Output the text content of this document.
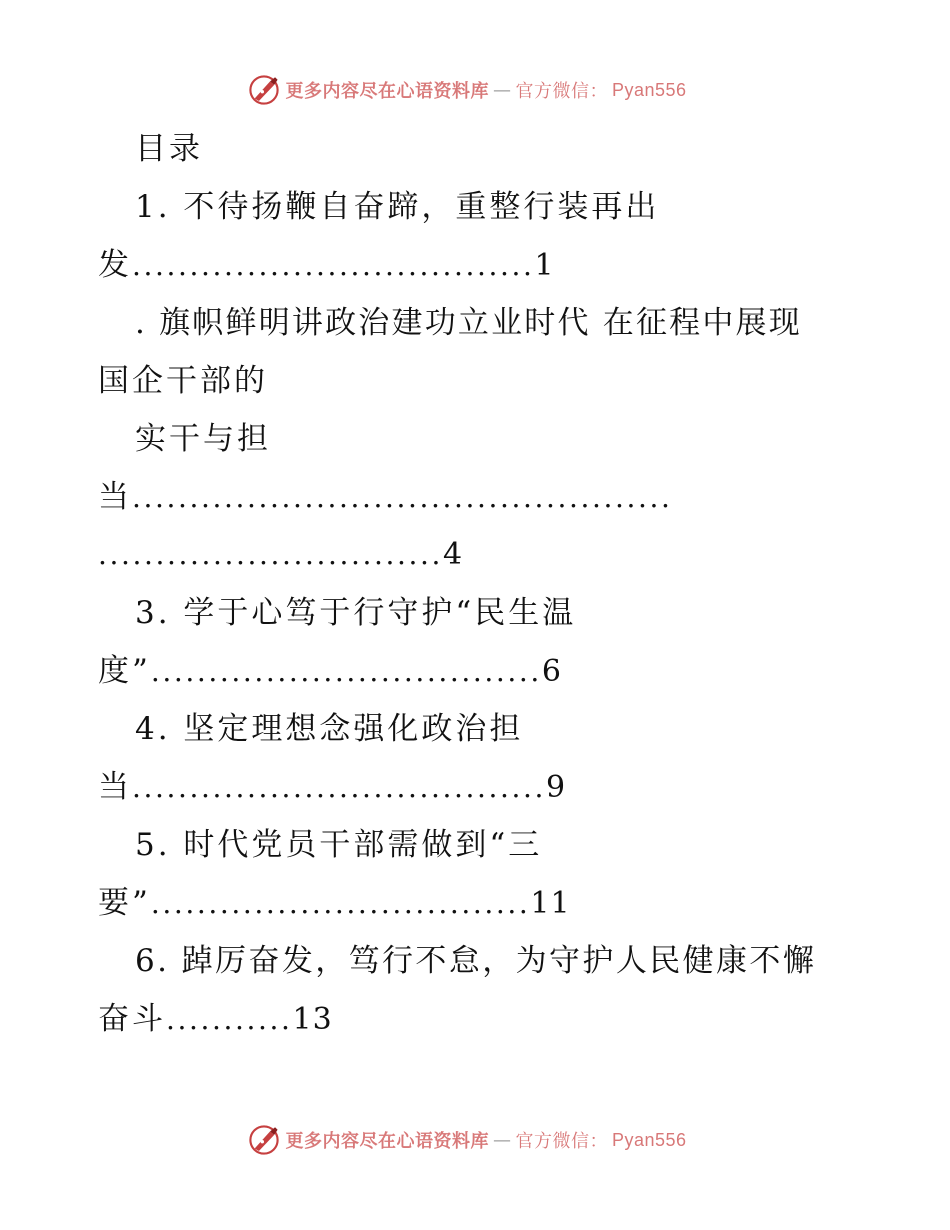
更多内容尽在心语资料库 — 官方微信： Pyan556
目录
1. 不待扬鞭自奋蹄，重整行装再出
发 ................................... 1
. 旗帜鲜明讲政治建功立业时代 在征程中展现
国企干部的
实干与担
当 ...............................................
.............................. 4
3. 学于心笃于行守护“民生温
度” .................................. 6
4. 坚定理想念强化政治担
当 .................................... 9
5. 时代党员干部需做到“三
要” ................................. 11
6. 踔厉奋发，笃行不怠，为守护人民健康不懈
奋斗 ........... 13
更多内容尽在心语资料库 — 官方微信： Pyan556
